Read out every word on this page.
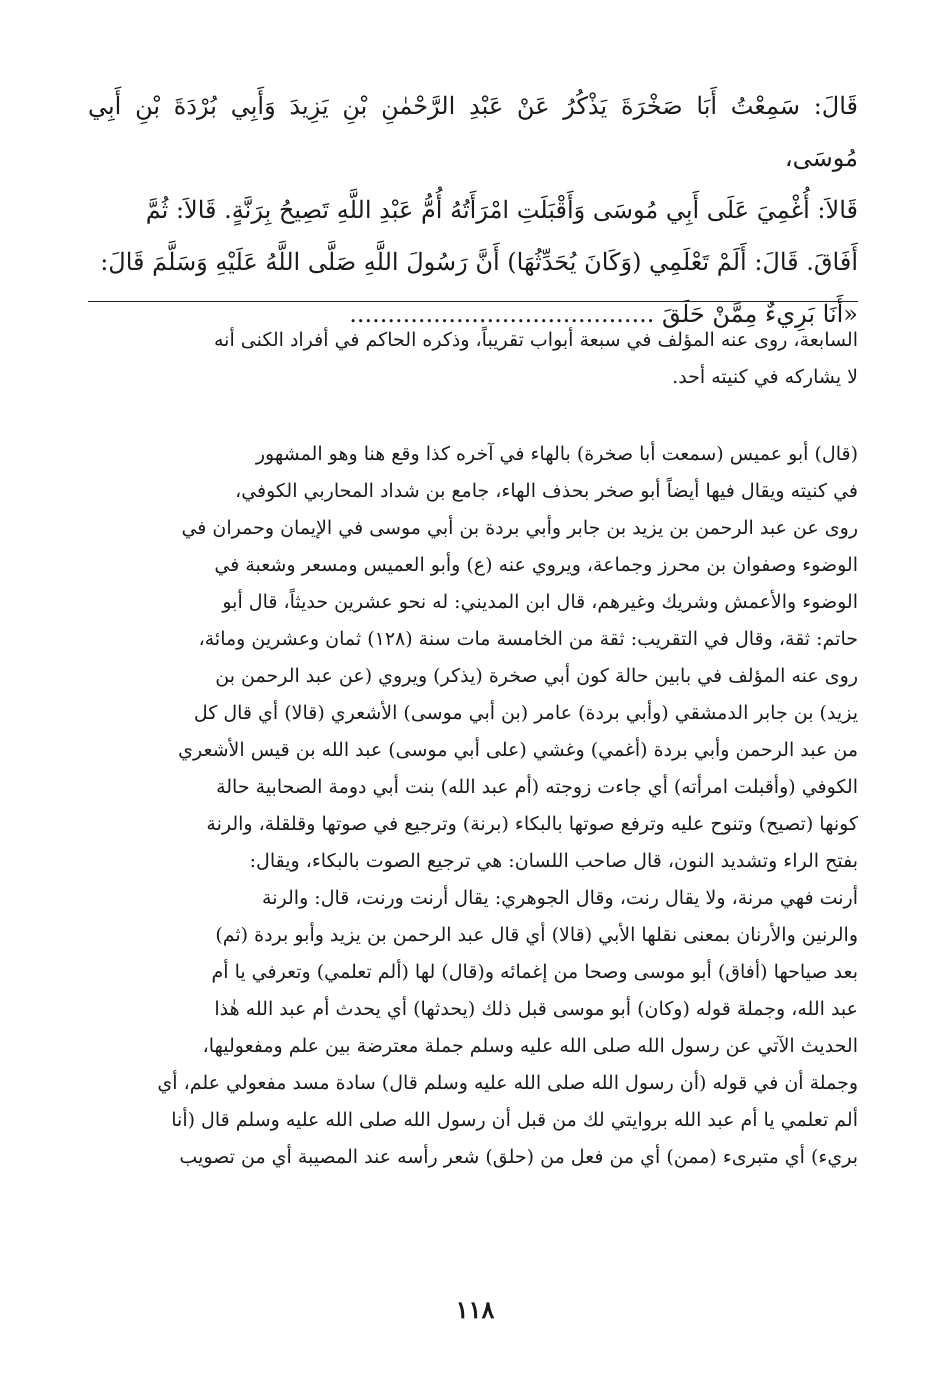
قَالَ: سَمِعْتُ أَبَا صَخْرَةَ يَذْكُرُ عَنْ عَبْدِ الرَّحْمٰنِ بْنِ يَزِيدَ وَأَبِي بُرْدَةَ بْنِ أَبِي مُوسَى،

قَالاَ: أُغْمِيَ عَلَى أَبِي مُوسَى وَأَقْبَلَتِ امْرَأَتُهُ أُمُّ عَبْدِ اللَّهِ تَصِيحُ بِرَنَّةٍ. قَالاَ: ثُمَّ

أَفَاقَ. قَالَ: أَلَمْ تَعْلَمِي (وَكَانَ يُحَدِّثُهَا) أَنَّ رَسُولَ اللَّهِ صَلَّى اللَّهُ عَلَيْهِ وَسَلَّمَ قَالَ:

«أَنَا بَرِيءٌ مِمَّنْ حَلَقَ ........................................

السابعة، روى عنه المؤلف في سبعة أبواب تقريباً، وذكره الحاكم في أفراد الكنى أنه

لا يشاركه في كنيته أحد.

(قال) أبو عميس (سمعت أبا صخرة) بالهاء في آخره كذا وقع هنا وهو المشهور

في كنيته ويقال فيها أيضاً أبو صخر بحذف الهاء، جامع بن شداد المحاربي الكوفي،

روى عن عبد الرحمن بن يزيد بن جابر وأبي بردة بن أبي موسى في الإيمان وحمران في

الوضوء وصفوان بن محرز وجماعة، ويروي عنه (ع) وأبو العميس ومسعر وشعبة في

الوضوء والأعمش وشريك وغيرهم، قال ابن المديني: له نحو عشرين حديثاً، قال أبو

حاتم: ثقة، وقال في التقريب: ثقة من الخامسة مات سنة (١٢٨) ثمان وعشرين ومائة،

روى عنه المؤلف في بابين حالة كون أبي صخرة (يذكر) ويروي (عن عبد الرحمن بن

يزيد) بن جابر الدمشقي (وأبي بردة) عامر (بن أبي موسى) الأشعري (قالا) أي قال كل

من عبد الرحمن وأبي بردة (أغمي) وغشي (على أبي موسى) عبد الله بن قيس الأشعري

الكوفي (وأقبلت امرأته) أي جاءت زوجته (أم عبد الله) بنت أبي دومة الصحابية حالة

كونها (تصيح) وتنوح عليه وترفع صوتها بالبكاء (برنة) وترجيع في صوتها وقلقلة، والرنة

بفتح الراء وتشديد النون، قال صاحب اللسان: هي ترجيع الصوت بالبكاء، ويقال:

أرنت فهي مرنة، ولا يقال رنت، وقال الجوهري: يقال أرنت ورنت، قال: والرنة

والرنين والأرنان بمعنى نقلها الأبي (قالا) أي قال عبد الرحمن بن يزيد وأبو بردة (ثم)

بعد صياحها (أفاق) أبو موسى وصحا من إغمائه و(قال) لها (ألم تعلمي) وتعرفي يا أم

عبد الله، وجملة قوله (وكان) أبو موسى قبل ذلك (يحدثها) أي يحدث أم عبد الله هٰذا

الحديث الآتي عن رسول الله صلى الله عليه وسلم جملة معترضة بين علم ومفعوليها،

وجملة أن في قوله (أن رسول الله صلى الله عليه وسلم قال) سادة مسد مفعولي علم، أي

ألم تعلمي يا أم عبد الله بروايتي لك من قبل أن رسول الله صلى الله عليه وسلم قال (أنا

بريء) أي متبرىء (ممن) أي من فعل من (حلق) شعر رأسه عند المصيبة أي من تصويب

١١٨
